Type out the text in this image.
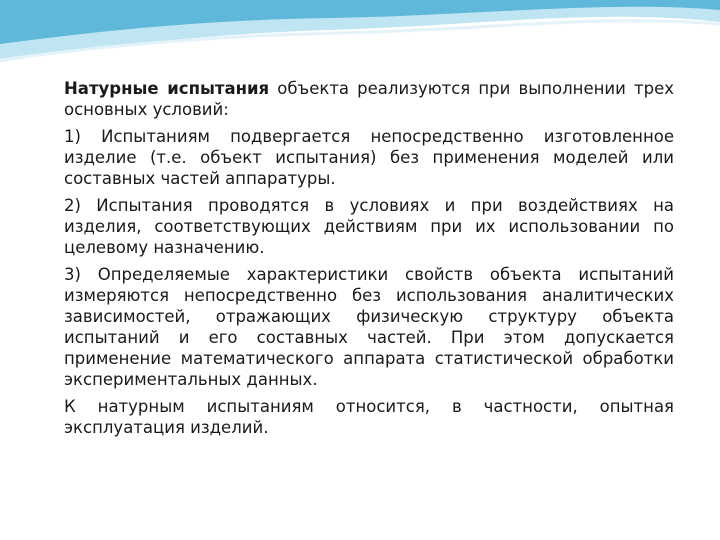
Натурные испытания объекта реализуются при выполнении трех основных условий:

1) Испытаниям подвергается непосредственно изготовленное изделие (т.е. объект испытания) без применения моделей или составных частей аппаратуры.

2) Испытания проводятся в условиях и при воздействиях на изделия, соответствующих действиям при их использовании по целевому назначению.

3) Определяемые характеристики свойств объекта испытаний измеряются непосредственно без использования аналитических зависимостей, отражающих физическую структуру объекта испытаний и его составных частей. При этом допускается применение математического аппарата статистической обработки экспериментальных данных.

К натурным испытаниям относится, в частности, опытная эксплуатация изделий.
